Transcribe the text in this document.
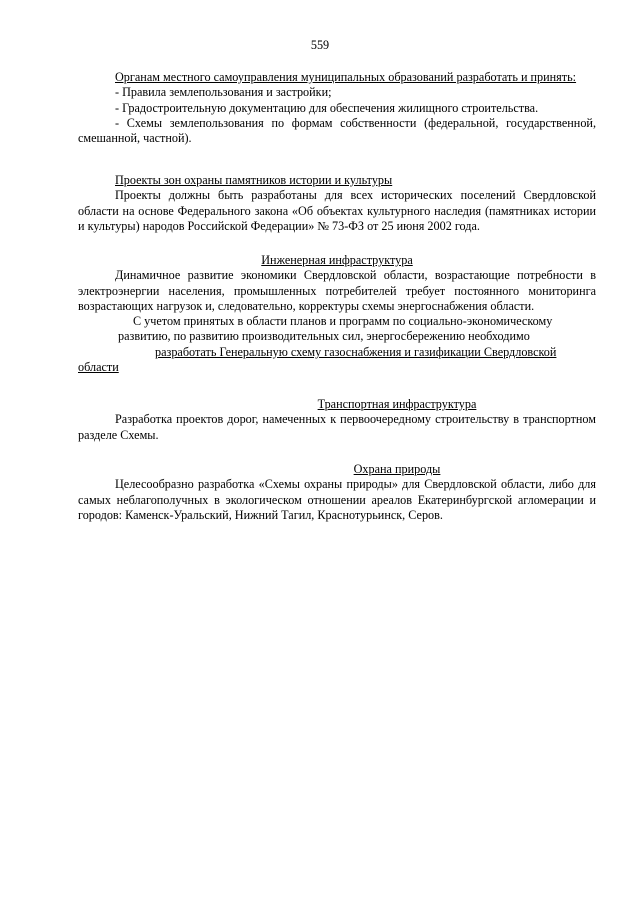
559

Органам местного самоуправления муниципальных образований разработать и принять:

- Правила землепользования и застройки;

- Градостроительную документацию для обеспечения жилищного строительства.

- Схемы землепользования по формам собственности (федеральной, государственной, смешанной, частной).

Проекты зон охраны памятников истории и культуры

Проекты должны быть разработаны для всех исторических поселений Свердловской области на основе Федерального закона «Об объектах культурного наследия (памятниках истории и культуры) народов Российской Федерации» № 73-ФЗ от 25 июня 2002 года.

Инженерная инфраструктура

Динамичное развитие экономики Свердловской области, возрастающие потребности в электроэнергии населения, промышленных потребителей требует постоянного мониторинга возрастающих нагрузок и, следовательно, корректуры схемы энергоснабжения области.

С учетом принятых в области планов и программ по социально-экономическому

развитию, по развитию производительных сил, энергосбережению необходимо

разработать Генеральную схему газоснабжения и газификации Свердловской

области

Транспортная инфраструктура

Разработка проектов дорог, намеченных к первоочередному строительству в транспортном разделе Схемы.

Охрана природы

Целесообразно разработка «Схемы охраны природы» для Свердловской области, либо для самых неблагополучных в экологическом отношении ареалов Екатеринбургской агломерации и городов: Каменск-Уральский, Нижний Тагил, Краснотурьинск, Серов.
